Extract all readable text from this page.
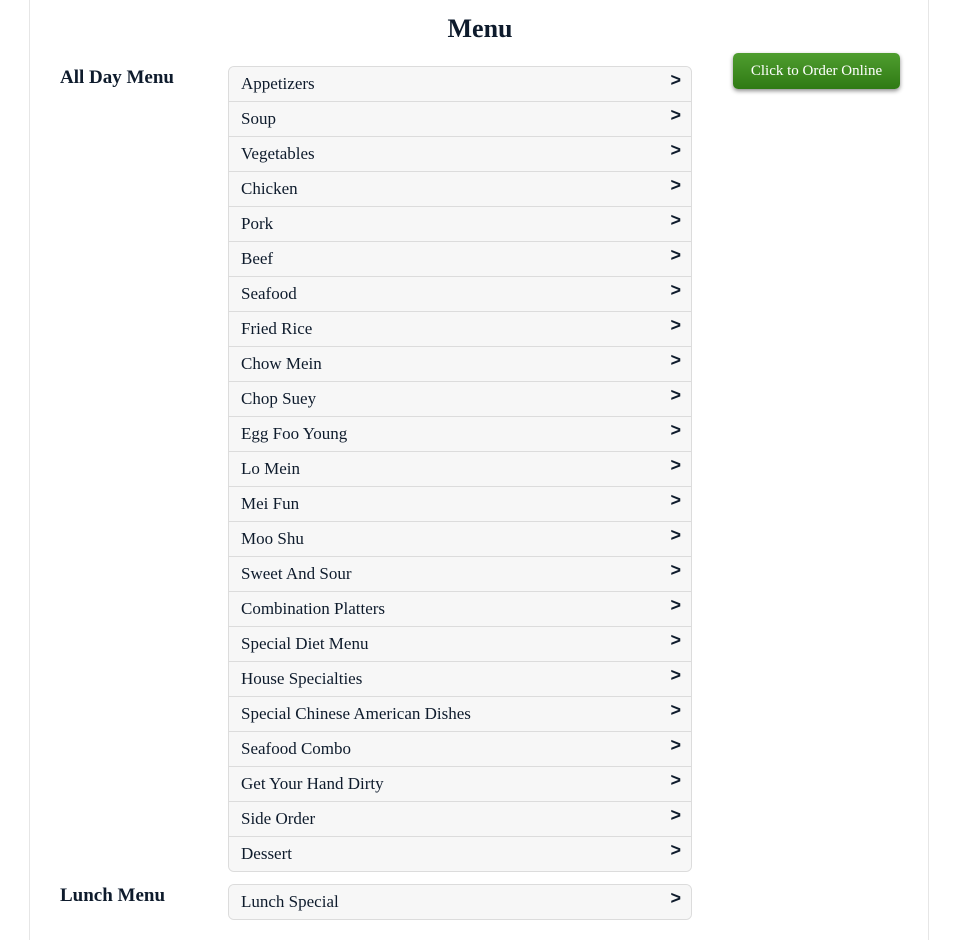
Menu
Click to Order Online
All Day Menu	Appetizers	>
Soup	>
Vegetables	>
Chicken	>
Pork	>
Beef	>
Seafood	>
Fried Rice	>
Chow Mein	>
Chop Suey	>
Egg Foo Young	>
Lo Mein	>
Mei Fun	>
Moo Shu	>
Sweet And Sour	>
Combination Platters	>
Special Diet Menu	>
House Specialties	>
Special Chinese American Dishes	>
Seafood Combo	>
Get Your Hand Dirty	>
Side Order	>
Dessert	>
Lunch Menu	Lunch Special	>
